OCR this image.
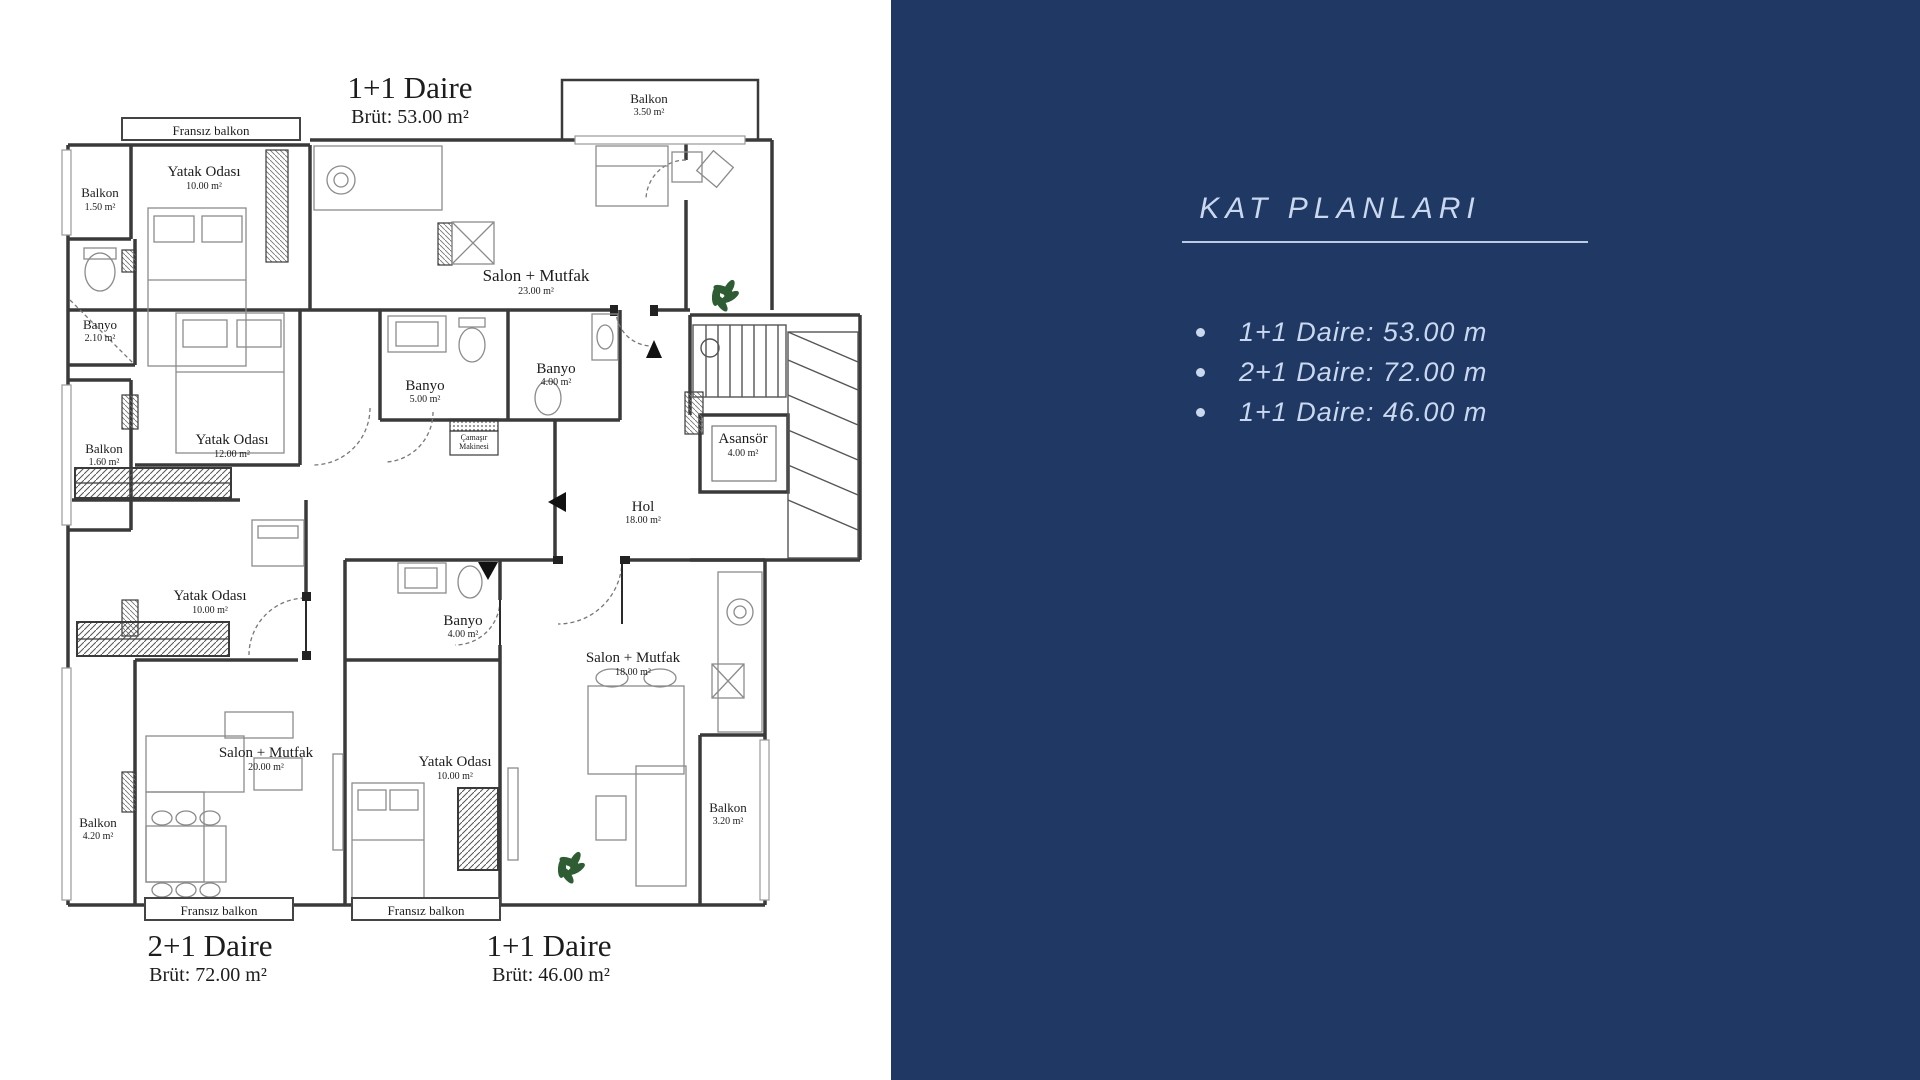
Fransız balkon
Fransız balkon	Fransız balkon
Balkon
1.50 m²
Yatak Odası
10.00 m²
Salon + Mutfak
23.00 m²
Balkon
3.50 m²
Banyo
2.10 m²
Yatak Odası
12.00 m²
Banyo
5.00 m²
Banyo
4.00 m²
Çamaşır
Makinesi	Asansör
4.00 m²
Hol
18.00 m²
Balkon
1.60 m²
Yatak Odası
10.00 m²
Salon + Mutfak
20.00 m²
Balkon
4.20 m²
Banyo
4.00 m²
Yatak Odası
10.00 m²
Salon + Mutfak
18.00 m²
Balkon
3.20 m²
1+1 Daire
Brüt: 53.00 m²
2+1 Daire
Brüt: 72.00 m²
1+1 Daire
Brüt: 46.00 m²
KAT PLANLARI
1+1 Daire: 53.00 m
2+1 Daire: 72.00 m
1+1 Daire: 46.00 m
